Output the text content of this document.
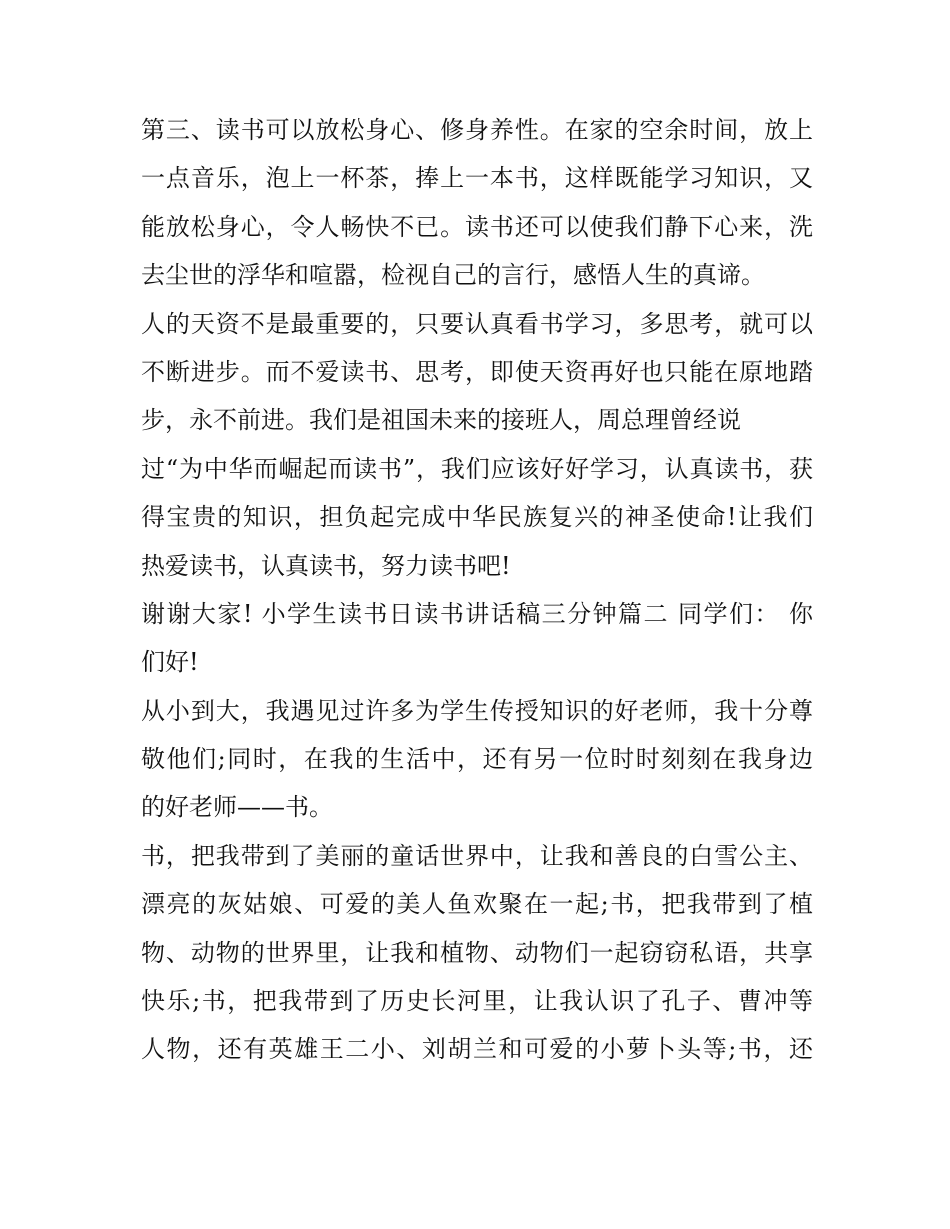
第三、读书可以放松身心、修身养性。在家的空余时间，放上
一点音乐，泡上一杯茶，捧上一本书，这样既能学习知识，又
能放松身心，令人畅快不已。读书还可以使我们静下心来，洗
去尘世的浮华和喧嚣，检视自己的言行，感悟人生的真谛。
人的天资不是最重要的，只要认真看书学习，多思考，就可以
不断进步。而不爱读书、思考，即使天资再好也只能在原地踏
步，永不前进。我们是祖国未来的接班人，周总理曾经说
过“为中华而崛起而读书”，我们应该好好学习，认真读书，获
得宝贵的知识，担负起完成中华民族复兴的神圣使命!让我们
热爱读书，认真读书，努力读书吧!
谢谢大家! 小学生读书日读书讲话稿三分钟篇二 同学们： 你
们好!
从小到大，我遇见过许多为学生传授知识的好老师，我十分尊
敬他们;同时，在我的生活中，还有另一位时时刻刻在我身边
的好老师——书。
书，把我带到了美丽的童话世界中，让我和善良的白雪公主、
漂亮的灰姑娘、可爱的美人鱼欢聚在一起;书，把我带到了植
物、动物的世界里，让我和植物、动物们一起窃窃私语，共享
快乐;书，把我带到了历史长河里，让我认识了孔子、曹冲等
人物，还有英雄王二小、刘胡兰和可爱的小萝卜头等;书，还
